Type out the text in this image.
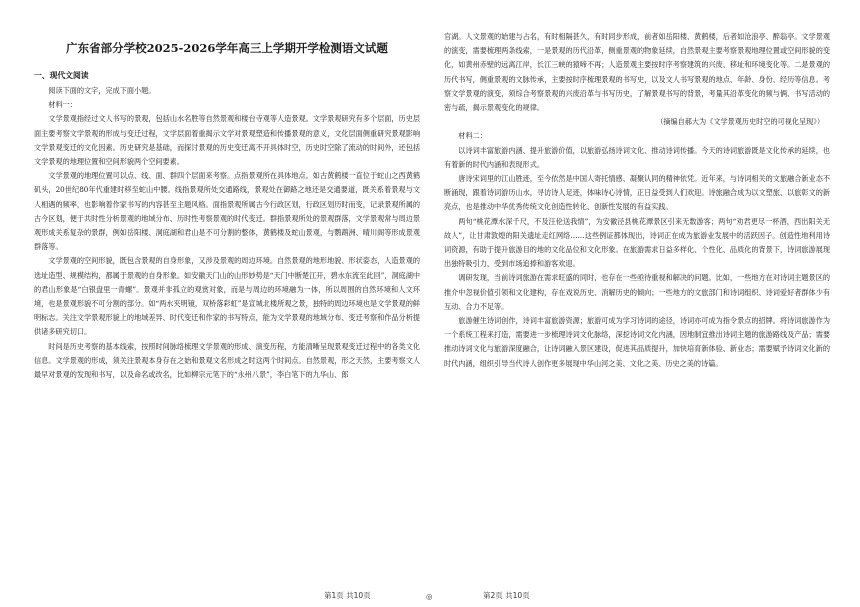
广东省部分学校2025-2026学年高三上学期开学检测语文试题
一、现代文阅读

阅读下面的文字，完成下面小题。

材料一：

文学景观指经过文人书写的景观，包括山水名胜等自然景观和楼台寺观等人造景观。文学景观研究有多个层面，历史层面主要考察文学景观的形成与变迁过程，文学层面着重揭示文学对景观塑造和传播景观的意义，文化层面侧重研究景观影响文学景观变迁的文化因素。历史研究是基础，而探讨景观的历史变迁离不开具体时空，历史时空除了流动的时间外，还包括文学景观的地理位置和空间形貌两个空间要素。

文学景观的地理位置可以点、线、面、群四个层面来考察。点指景观所在具体地点。如古黄鹤楼一直位于蛇山之西黄鹤矶头，20世纪80年代重建时移至蛇山中腰。线指景观所处交通路线，景观处在御路之地还是交通要道，既关系着景观与文人相遇的频率，也影响着作家书写的内容甚至主题风格。面指景观所属古今行政区划，行政区划历时而变，记录景观所属的古今区划，便于共时性分析景观的地域分布、历时性考察景观的时代变迁。群指景观所处的景观群落，文学景观常与周边景观形成关系复杂的景群，例如岳阳楼、洞庭湖和君山是不可分割的整体，黄鹤楼及蛇山景观，与鹦鹉洲、晴川阁等形成景观群落等。

文学景观的空间形貌，既包含景观的自身形象，又涉及景观的周边环境。自然景观的地形地貌、形状姿态，人造景观的选址造型、规模结构，都属于景观的自身形象。如安徽天门山的山形妙势是“天门中断楚江开，碧水东流至此回”，洞庭湖中的君山形象是“白银盘里一青螺”。景观并非孤立的观赏对象，而是与周边的环境融为一体，所以周围的自然环境和人文环境，也是景观形貌不可分割的部分。如“两水夹明镜，双桥落彩虹”是宣城北楼所观之景，独特的周边环境也是文学景观的鲜明标志。关注文学景观形貌上的地域差异、时代变迁和作家的书写特点，能为文学景观的地域分布、变迁考察和作品分析提供诸多研究切口。

时间是历史考察的基本线索，按照时间脉络梳理文学景观的形成、演变历程，方能清晰呈现景观变迁过程中的各类文化信息。文学景观的形成，须关注景观本身存在之始和景观文名形成之时这两个时间点。自然景观，形之天然，主要考察文人最早对景观的发现和书写，以及命名或改名，比如柳宗元笔下的“永州八景”，李白笔下的九华山、郎

官湖。人文景观的始建与占名，有时相隔甚久，有时同步形成，前者如岳阳楼、黄鹤楼，后者如沧浪亭、醉翁亭。文学景观的演变，需要梳理两条线索，一是景观的历代沿革，侧重景观的物象延续，自然景观主要考察景观地理位置或空间形貌的变化，如黄州赤壁的远离江岸，长江三峡的猿啼不再；人造景观主要按时序考察建筑的兴废、移址和环境变化等。二是景观的历代书写，侧重景观的文脉传承，主要按时序梳理景观的书写史，以及文人书写景观的地点、年龄、身份、经历等信息。考察文学景观的演变，须综合考察景观的兴废沿革与书写历史，了解景观书写的背景，考量其沿革变化的频与俩、书写活动的密与疏，揭示景观变化的规律。

（摘编自郝大为《文学景观历史时空的可视化呈现》）

材料二：

以诗词丰富旅游内涵、提升旅游价值，以旅游弘扬诗词文化、推动诗词传播。今天的诗词旅游既是文化传承的延续，也有着新的时代内涵和表现形式。

唐诗宋词里的江山胜迹，至今依然是中国人寄托情感、凝聚认同的精神依凭。近年来，与诗词相关的文旅融合新业态不断涌现，跟着诗词游历山水，寻访诗人足迹，体味诗心诗情，正日益受到人们欢迎。诗旅融合成为以文塑旅、以旅彰文的新亮点，也是推动中华优秀传统文化创造性转化、创新性发展的有益实践。

两句“桃花潭水深千尺，不及汪伦送我情”，为安徽泾县桃花潭景区引来无数游客；两句“劝君更尽一杯酒，西出阳关无故人”，让甘肃敦煌的阳关遗址走红网络……这些例证都体现出，诗词正在成为旅游业发展中的活跃因子。创造性地利用诗词资源，有助于提升旅游目的地的文化品位和文化形象。在旅游需求日益多样化、个性化、品质化的背景下，诗词旅游展现出独特吸引力，受到市场追捧和游客欢迎。

调研发现，当前诗词旅游在需求旺盛的同时，也存在一些亟待重视和解决的问题。比如，一些地方在对诗词主题景区的推介中忽视价值引领和文化建构，存在戏说历史、消解历史的倾向；一些地方的文旅部门和诗词组织、诗词爱好者群体少有互动、合力不足等。

旅游催生诗词创作，诗词丰富旅游资源；旅游可成为学习诗词的途径，诗词亦可成为指令景点的招牌。将诗词旅游作为一个系统工程来打造，需要进一步梳理诗词文化脉络，深挖诗词文化内涵，因地制宜推出诗词主题的旅游路线及产品；需要推动诗词文化与旅游深度融合，让诗词融入景区建设，促进其品质提升，加快培育新体验、新业态；需要赋予诗词文化新的时代内涵，组织引导当代诗人创作更多展现中华山河之美、文化之美、历史之美的诗篇。

第1页 共10页	◎	第2页 共10页
